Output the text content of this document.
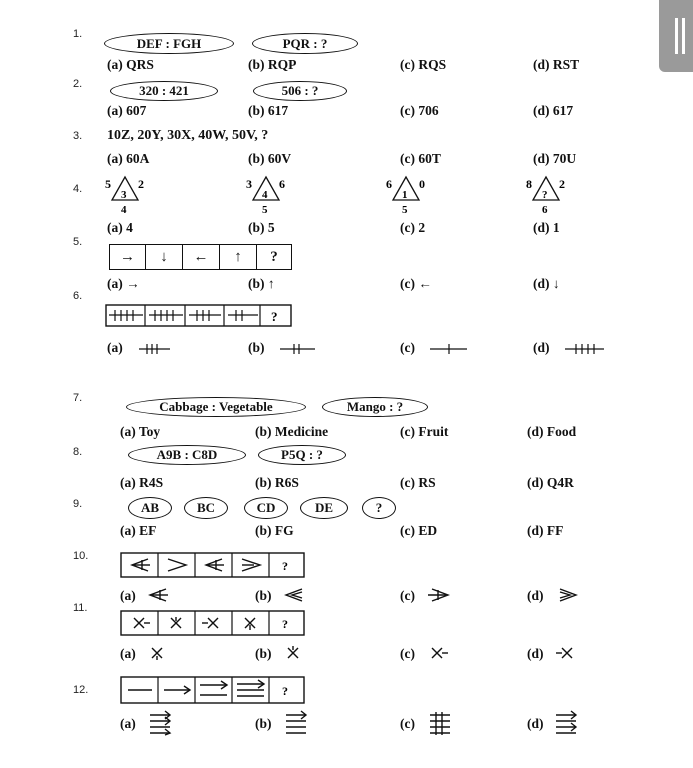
1.
DEF : FGH	PQR : ?
(a) QRS	(b) RQP	(c) RQS	(d) RST
2.	320 : 421	506 : ?
(a) 607	(b) 617	(c) 706	(d) 617
3. 10Z, 20Y, 30X, 40W, 50V, ?
(a) 60A	(b) 60V	(c) 60T	(d) 70U
4. 5 2
3
4
3 6
4
5
6 0
1
5
8 2
?
6
(a) 4	(b) 5	(c) 2	(d) 1
5.
→	↓	←	↑	?
(a) →	(b) ↑	(c) ←	(d) ↓
6.
?
(a)	(b)	(c)	(d)
7.
Cabbage : Vegetable	Mango : ?
(a) Toy	(b) Medicine	(c) Fruit	(d) Food
8.	A9B : C8D	P5Q : ?
(a) R4S	(b) R6S	(c) RS	(d) Q4R
9.	AB	BC	CD	DE	?
(a) EF	(b) FG	(c) ED	(d) FF
10.
?
(a)	(b)	(c)	(d)
11.
?
(a)	(b)	(c)	(d)
12.	?
(a)	(b)	(c)	(d)
